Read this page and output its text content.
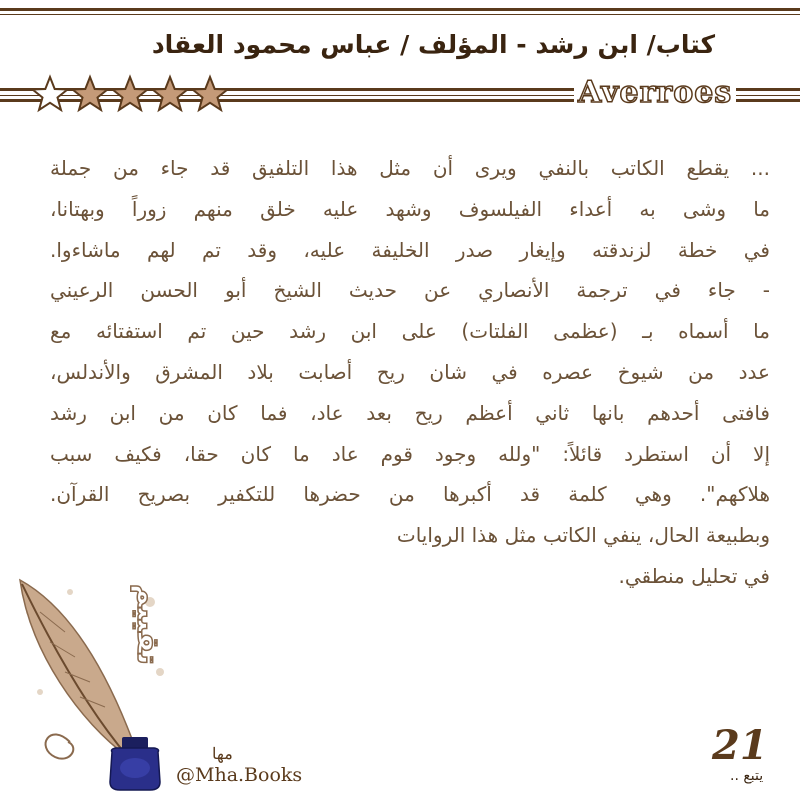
كتاب/ ابن رشد - المؤلف / عباس محمود العقاد
Averroes
... يقطع الكاتب بالنفي ويرى أن مثل هذا التلفيق قد جاء من جملة
ما وشى به أعداء الفيلسوف وشهد عليه خلق منهم زوراً وبهتانا،
في خطة لزندقته وإيغار صدر الخليفة عليه، وقد تم لهم ماشاءوا.
- جاء في ترجمة الأنصاري عن حديث الشيخ أبو الحسن الرعيني
ما أسماه بـ (عظمى الفلتات) على ابن رشد حين تم استفتائه مع
عدد من شيوخ عصره في شان ريح أصابت بلاد المشرق والأندلس،
فافتى أحدهم بانها ثاني أعظم ريح بعد عاد، فما كان من ابن رشد
إلا أن استطرد قائلاً: "ولله وجود قوم عاد ما كان حقا، فكيف سبب
هلاكهم". وهي كلمة قد أكبرها من حضرها للتكفير بصريح القرآن.
وبطبيعة الحال، ينفي الكاتب مثل هذا الروايات
في تحليل منطقي.
تقييم
مها
@Mha.Books
21
يتبع ..
